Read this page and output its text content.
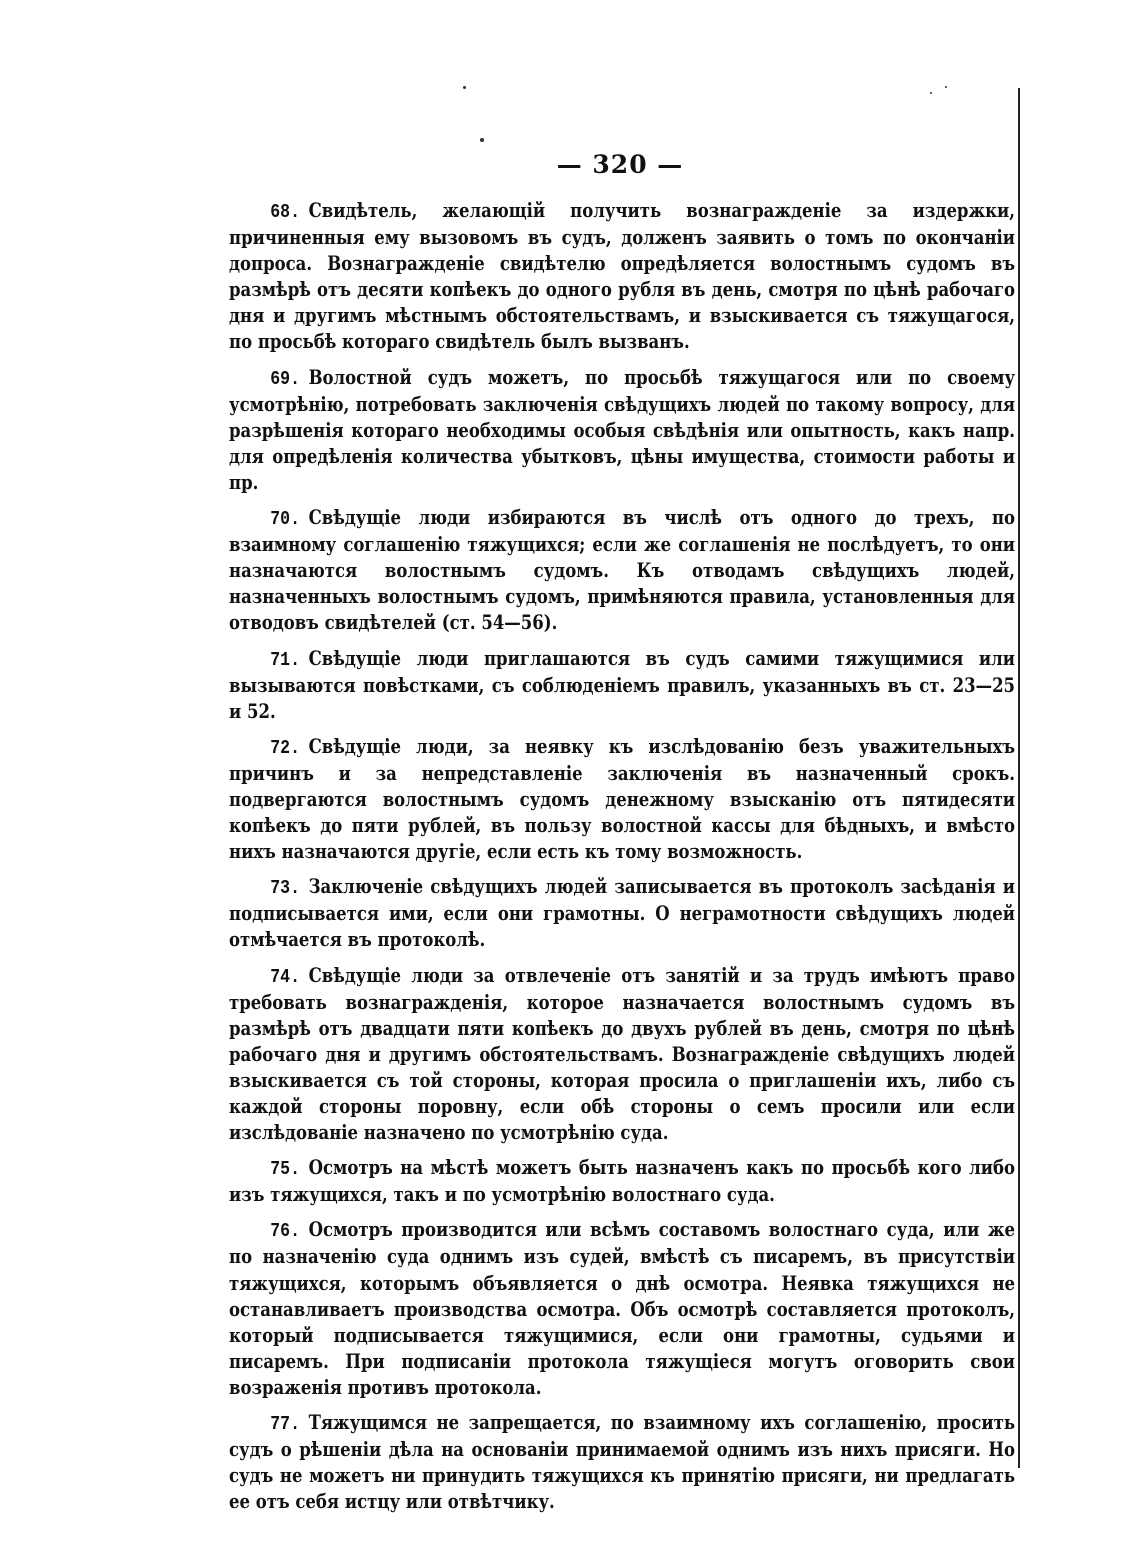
— 320 —

68. Свидѣтель, желающій получить вознагражденіе за издержки, причиненныя ему вызовомъ въ судъ, долженъ заявить о томъ по окончаніи допроса. Вознагражденіе свидѣтелю опредѣляется волостнымъ судомъ въ размѣрѣ отъ десяти копѣекъ до одного рубля въ день, смотря по цѣнѣ рабочаго дня и другимъ мѣстнымъ обстоятельствамъ, и взыскивается съ тяжущагося, по просьбѣ котораго свидѣтель былъ вызванъ.

69. Волостной судъ можетъ, по просьбѣ тяжущагося или по своему усмотрѣнію, потребовать заключенія свѣдущихъ людей по такому вопросу, для разрѣшенія котораго необходимы особыя свѣдѣнія или опытность, какъ напр. для опредѣленія количества убытковъ, цѣны имущества, стоимости работы и пр.

70. Свѣдущіе люди избираются въ числѣ отъ одного до трехъ, по взаимному соглашенію тяжущихся; если же соглашенія не послѣдуетъ, то они назначаются волостнымъ судомъ. Къ отводамъ свѣдущихъ людей, назначенныхъ волостнымъ судомъ, примѣняются правила, установленныя для отводовъ свидѣтелей (ст. 54—56).

71. Свѣдущіе люди приглашаются въ судъ самими тяжущимися или вызываются повѣстками, съ соблюденіемъ правилъ, указанныхъ въ ст. 23—25 и 52.

72. Свѣдущіе люди, за неявку къ изслѣдованію безъ уважительныхъ причинъ и за непредставленіе заключенія въ назначенный срокъ. подвергаются волостнымъ судомъ денежному взысканію отъ пятидесяти копѣекъ до пяти рублей, въ пользу волостной кассы для бѣдныхъ, и вмѣсто нихъ назначаются другіе, если есть къ тому возможность.

73. Заключеніе свѣдущихъ людей записывается въ протоколъ засѣданія и подписывается ими, если они грамотны. О неграмотности свѣдущихъ людей отмѣчается въ протоколѣ.

74. Свѣдущіе люди за отвлеченіе отъ занятій и за трудъ имѣютъ право требовать вознагражденія, которое назначается волостнымъ судомъ въ размѣрѣ отъ двадцати пяти копѣекъ до двухъ рублей въ день, смотря по цѣнѣ рабочаго дня и другимъ обстоятельствамъ. Вознагражденіе свѣдущихъ людей взыскивается съ той стороны, которая просила о приглашеніи ихъ, либо съ каждой стороны поровну, если обѣ стороны о семъ просили или если изслѣдованіе назначено по усмотрѣнію суда.

75. Осмотръ на мѣстѣ можетъ быть назначенъ какъ по просьбѣ кого либо изъ тяжущихся, такъ и по усмотрѣнію волостнаго суда.

76. Осмотръ производится или всѣмъ составомъ волостнаго суда, или же по назначенію суда однимъ изъ судей, вмѣстѣ съ писаремъ, въ присутствіи тяжущихся, которымъ объявляется о днѣ осмотра. Неявка тяжущихся не останавливаетъ производства осмотра. Объ осмотрѣ составляется протоколъ, который подписывается тяжущимися, если они грамотны, судьями и писаремъ. При подписаніи протокола тяжущіеся могутъ оговорить свои возраженія противъ протокола.

77. Тяжущимся не запрещается, по взаимному ихъ соглашенію, просить судъ о рѣшеніи дѣла на основаніи принимаемой однимъ изъ нихъ присяги. Но судъ не можетъ ни принудить тяжущихся къ принятію присяги, ни предлагать ее отъ себя истцу или отвѣтчику.
